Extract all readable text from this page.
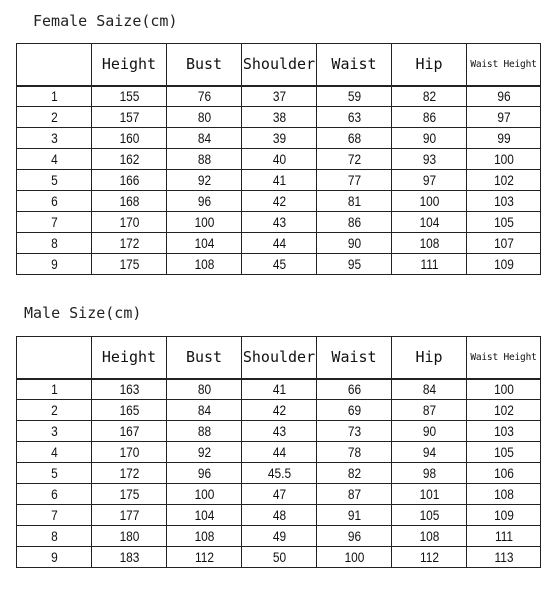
Female Saize(cm)
	Height	Bust	Shoulder	Waist	Hip	Waist Height
1	155	76	37	59	82	96
2	157	80	38	63	86	97
3	160	84	39	68	90	99
4	162	88	40	72	93	100
5	166	92	41	77	97	102
6	168	96	42	81	100	103
7	170	100	43	86	104	105
8	172	104	44	90	108	107
9	175	108	45	95	111	109
Male Size(cm)
	Height	Bust	Shoulder	Waist	Hip	Waist Height
1	163	80	41	66	84	100
2	165	84	42	69	87	102
3	167	88	43	73	90	103
4	170	92	44	78	94	105
5	172	96	45.5	82	98	106
6	175	100	47	87	101	108
7	177	104	48	91	105	109
8	180	108	49	96	108	111
9	183	112	50	100	112	113
